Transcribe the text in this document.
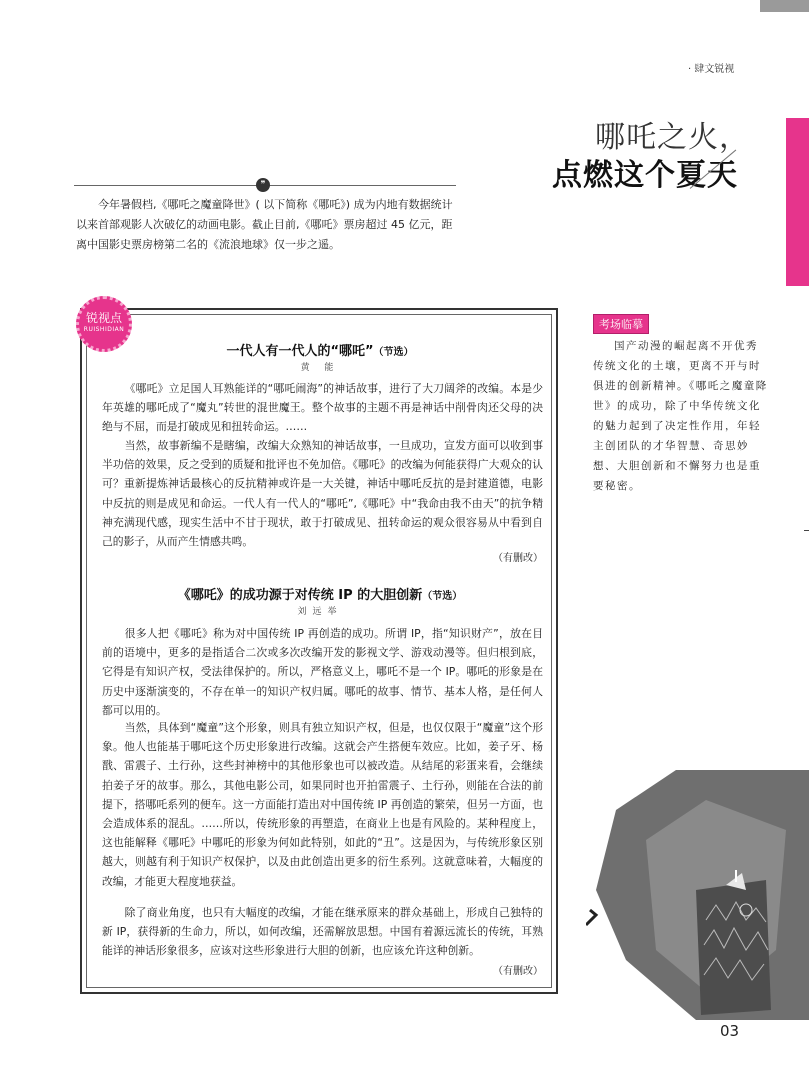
· 肆文锐视
哪吒之火，
点燃这个夏天
❞
今年暑假档,《哪吒之魔童降世》( 以下简称《哪吒》) 成为内地有数据统计以来首部观影人次破亿的动画电影。截止目前,《哪吒》票房超过 45 亿元，距离中国影史票房榜第二名的《流浪地球》仅一步之遥。
考场临摹
国产动漫的崛起离不开优秀传统文化的土壤，更离不开与时俱进的创新精神。《哪吒之魔童降世》的成功，除了中华传统文化的魅力起到了决定性作用，年轻主创团队的才华智慧、奇思妙想、大胆创新和不懈努力也是重要秘密。
锐视点
RUISHIDIAN
一代人有一代人的“哪吒”（节选）
黄 能
《哪吒》立足国人耳熟能详的“哪吒闹海”的神话故事，进行了大刀阔斧的改编。本是少年英雄的哪吒成了“魔丸”转世的混世魔王。整个故事的主题不再是神话中削骨肉还父母的决绝与不屈，而是打破成见和扭转命运。……
当然，故事新编不是瞎编，改编大众熟知的神话故事，一旦成功，宣发方面可以收到事半功倍的效果，反之受到的质疑和批评也不免加倍。《哪吒》的改编为何能获得广大观众的认可？重新提炼神话最核心的反抗精神或许是一大关键，神话中哪吒反抗的是封建道德，电影中反抗的则是成见和命运。一代人有一代人的“哪吒”,《哪吒》中“我命由我不由天”的抗争精神充满现代感，现实生活中不甘于现状，敢于打破成见、扭转命运的观众很容易从中看到自己的影子，从而产生情感共鸣。
（有删改）
《哪吒》的成功源于对传统 IP 的大胆创新（节选）
刘远举
很多人把《哪吒》称为对中国传统 IP 再创造的成功。所谓 IP，指“知识财产”，放在目前的语境中，更多的是指适合二次或多次改编开发的影视文学、游戏动漫等。但归根到底，它得是有知识产权，受法律保护的。所以，严格意义上，哪吒不是一个 IP。哪吒的形象是在历史中逐渐演变的，不存在单一的知识产权归属。哪吒的故事、情节、基本人格，是任何人都可以用的。
当然，具体到“魔童”这个形象，则具有独立知识产权，但是，也仅仅限于“魔童”这个形象。他人也能基于哪吒这个历史形象进行改编。这就会产生搭便车效应。比如，姜子牙、杨戬、雷震子、土行孙，这些封神榜中的其他形象也可以被改造。从结尾的彩蛋来看，会继续拍姜子牙的故事。那么，其他电影公司，如果同时也开拍雷震子、土行孙，则能在合法的前提下，搭哪吒系列的便车。这一方面能打造出对中国传统 IP 再创造的繁荣，但另一方面，也会造成体系的混乱。……所以，传统形象的再塑造，在商业上也是有风险的。某种程度上，这也能解释《哪吒》中哪吒的形象为何如此特别，如此的“丑”。这是因为，与传统形象区别越大，则越有利于知识产权保护，以及由此创造出更多的衍生系列。这就意味着，大幅度的改编，才能更大程度地获益。
除了商业角度，也只有大幅度的改编，才能在继承原来的群众基础上，形成自己独特的新 IP，获得新的生命力，所以，如何改编，还需解放思想。中国有着源远流长的传统，耳熟能详的神话形象很多，应该对这些形象进行大胆的创新，也应该允许这种创新。
（有删改）
03
